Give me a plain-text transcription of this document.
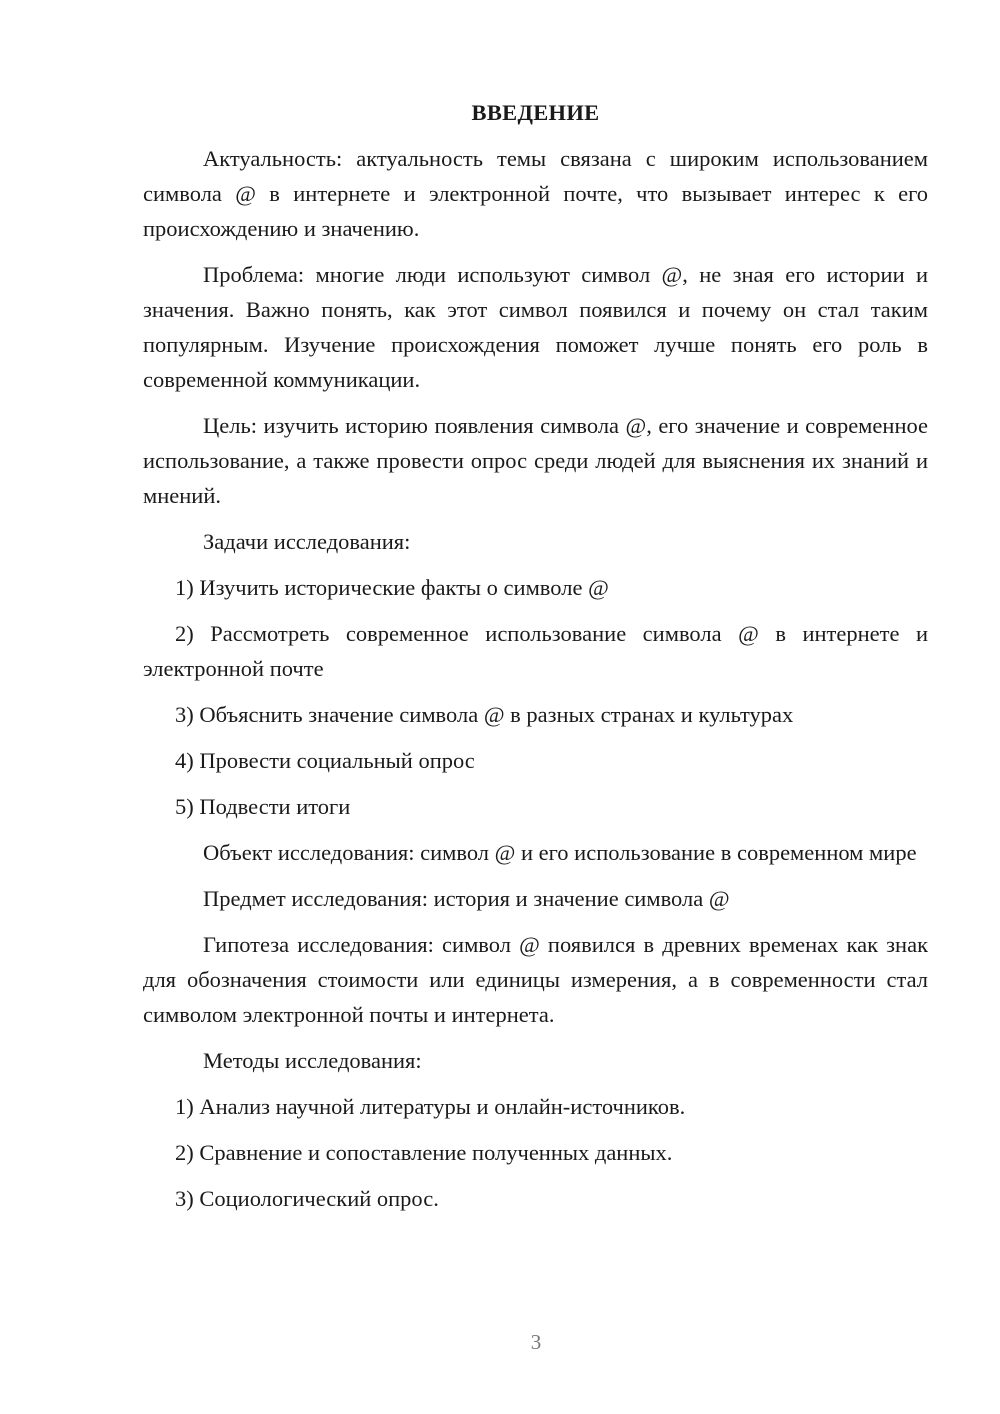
ВВЕДЕНИЕ
Актуальность: актуальность темы связана с широким использованием символа @ в интернете и электронной почте, что вызывает интерес к его происхождению и значению.
Проблема: многие люди используют символ @, не зная его истории и значения. Важно понять, как этот символ появился и почему он стал таким популярным. Изучение происхождения поможет лучше понять его роль в современной коммуникации.
Цель: изучить историю появления символа @, его значение и современное использование, а также провести опрос среди людей для выяснения их знаний и мнений.
Задачи исследования:
1) Изучить исторические факты о символе @
2) Рассмотреть современное использование символа @ в интернете и электронной почте
3) Объяснить значение символа @ в разных странах и культурах
4) Провести социальный опрос
5) Подвести итоги
Объект исследования: символ @ и его использование в современном мире
Предмет исследования: история и значение символа @
Гипотеза исследования: символ @ появился в древних временах как знак для обозначения стоимости или единицы измерения, а в современности стал символом электронной почты и интернета.
Методы исследования:
1) Анализ научной литературы и онлайн-источников.
2) Сравнение и сопоставление полученных данных.
3) Социологический опрос.
3
